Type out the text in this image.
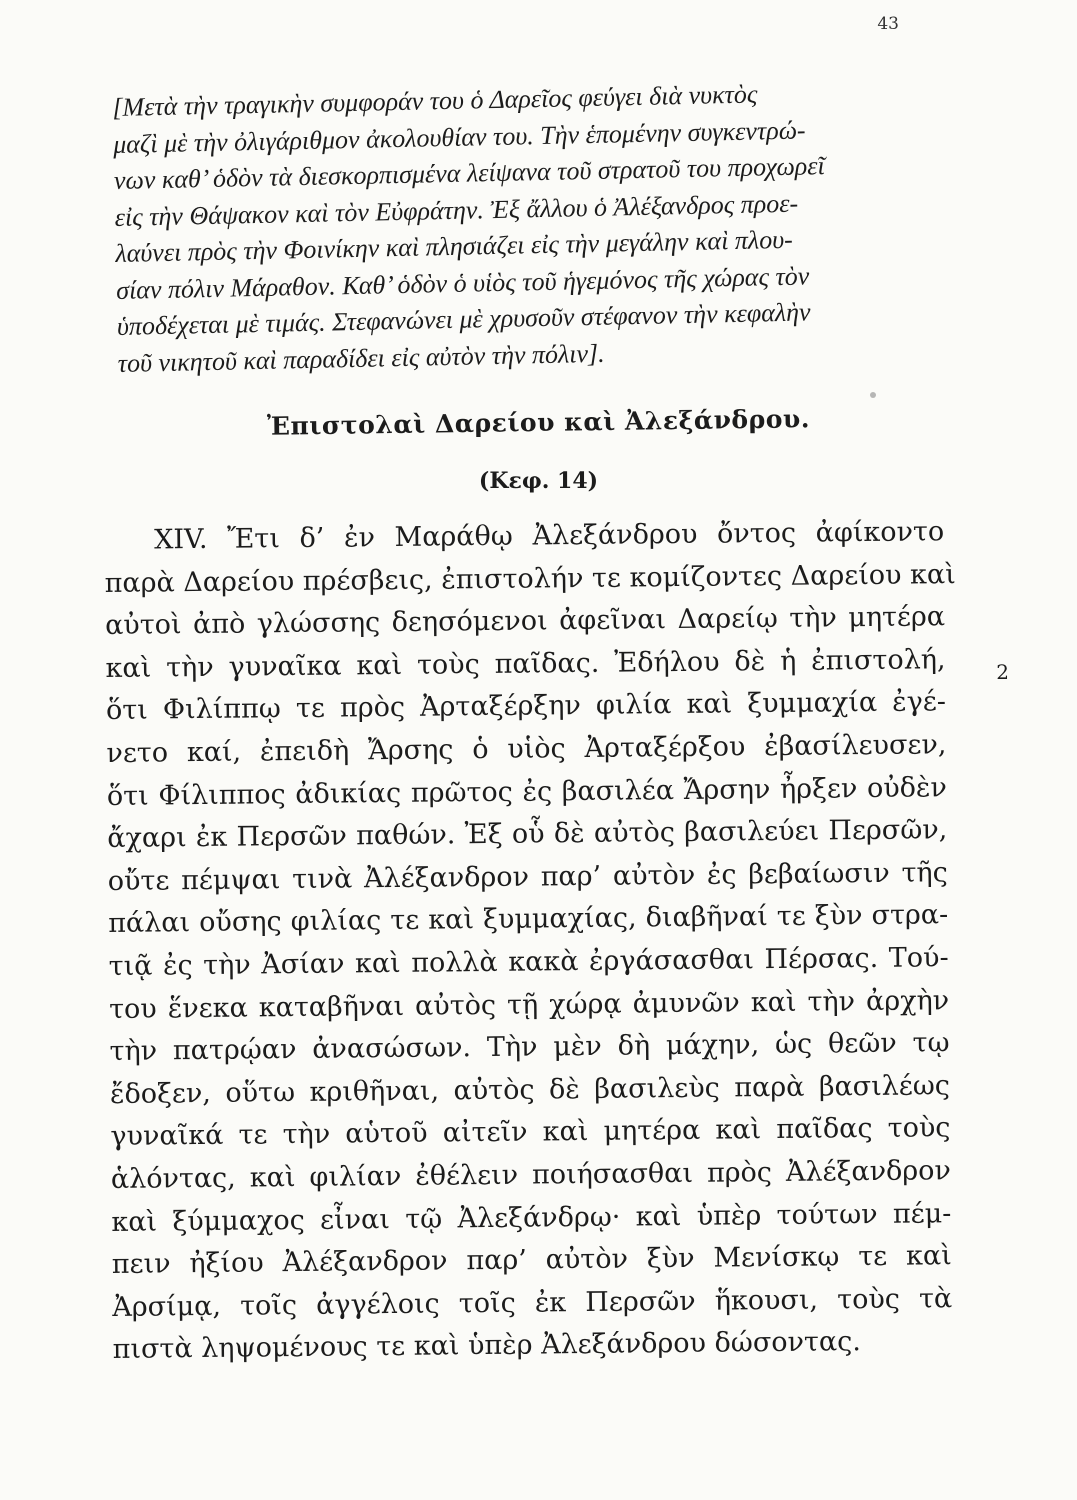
43
[Μετὰ τὴν τραγικὴν συμφοράν του ὁ Δαρεῖος φεύγει διὰ νυκτὸς
μαζὶ μὲ τὴν ὀλιγάριθμον ἀκολουθίαν του. Τὴν ἑπομένην συγκεντρώ-
νων καθ’ ὁδὸν τὰ διεσκορπισμένα λείψανα τοῦ στρατοῦ του προχωρεῖ
εἰς τὴν Θάψακον καὶ τὸν Εὐφράτην. Ἐξ ἄλλου ὁ Ἀλέξανδρος προε-
λαύνει πρὸς τὴν Φοινίκην καὶ πλησιάζει εἰς τὴν μεγάλην καὶ πλου-
σίαν πόλιν Μάραθον. Καθ’ ὁδὸν ὁ υἱὸς τοῦ ἡγεμόνος τῆς χώρας τὸν
ὑποδέχεται μὲ τιμάς. Στεφανώνει μὲ χρυσοῦν στέφανον τὴν κεφαλὴν
τοῦ νικητοῦ καὶ παραδίδει εἰς αὐτὸν τὴν πόλιν].
Ἐπιστολαὶ Δαρείου καὶ Ἀλεξάνδρου.
(Κεφ. 14)
XIV. Ἔτι δ’ ἐν Μαράθῳ Ἀλεξάνδρου ὄντος ἀφίκοντο
παρὰ Δαρείου πρέσβεις, ἐπιστολήν τε κομίζοντες Δαρείου καὶ
αὐτοὶ ἀπὸ γλώσσης δεησόμενοι ἀφεῖναι Δαρείῳ τὴν μητέρα
καὶ τὴν γυναῖκα καὶ τοὺς παῖδας. Ἐδήλου δὲ ἡ ἐπιστολή,
ὅτι Φιλίππῳ τε πρὸς Ἀρταξέρξην φιλία καὶ ξυμμαχία ἐγέ-
νετο καί, ἐπειδὴ Ἄρσης ὁ υἱὸς Ἀρταξέρξου ἐβασίλευσεν,
ὅτι Φίλιππος ἀδικίας πρῶτος ἐς βασιλέα Ἄρσην ἦρξεν οὐδὲν
ἄχαρι ἐκ Περσῶν παθών. Ἐξ οὗ δὲ αὐτὸς βασιλεύει Περσῶν,
οὔτε πέμψαι τινὰ Ἀλέξανδρον παρ’ αὐτὸν ἐς βεβαίωσιν τῆς
πάλαι οὔσης φιλίας τε καὶ ξυμμαχίας, διαβῆναί τε ξὺν στρα-
τιᾷ ἐς τὴν Ἀσίαν καὶ πολλὰ κακὰ ἐργάσασθαι Πέρσας. Τού-
του ἕνεκα καταβῆναι αὐτὸς τῇ χώρᾳ ἀμυνῶν καὶ τὴν ἀρχὴν
τὴν πατρῴαν ἀνασώσων. Τὴν μὲν δὴ μάχην, ὡς θεῶν τῳ
ἔδοξεν, οὕτω κριθῆναι, αὐτὸς δὲ βασιλεὺς παρὰ βασιλέως
γυναῖκά τε τὴν αὑτοῦ αἰτεῖν καὶ μητέρα καὶ παῖδας τοὺς
ἁλόντας, καὶ φιλίαν ἐθέλειν ποιήσασθαι πρὸς Ἀλέξανδρον
καὶ ξύμμαχος εἶναι τῷ Ἀλεξάνδρῳ· καὶ ὑπὲρ τούτων πέμ-
πειν ἠξίου Ἀλέξανδρον παρ’ αὐτὸν ξὺν Μενίσκῳ τε καὶ
Ἀρσίμᾳ, τοῖς ἀγγέλοις τοῖς ἐκ Περσῶν ἥκουσι, τοὺς τὰ
πιστὰ ληψομένους τε καὶ ὑπὲρ Ἀλεξάνδρου δώσοντας.
2
